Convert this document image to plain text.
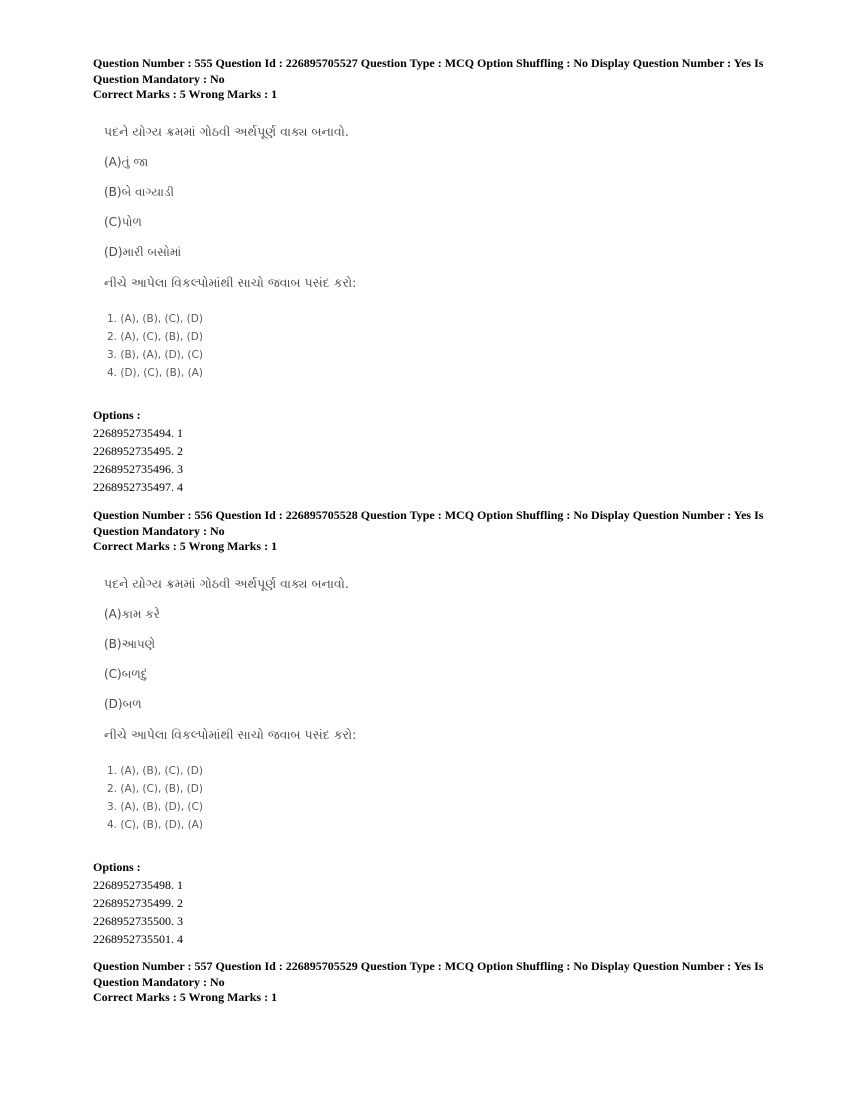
Question Number : 555 Question Id : 226895705527 Question Type : MCQ Option Shuffling : No Display Question Number : Yes Is
Question Mandatory : No
Correct Marks : 5 Wrong Marks : 1

પદને યોગ્ય ક્રમમાં ગોઠવી અર્થપૂર્ણ વાક્ય બનાવો.
(A)તું જા
(B)બે વાગ્યાડી
(C)પોળ
(D)મારી બસોમાં
નીચે આપેલા વિકલ્પોમાંથી સાચો જવાબ પસંદ કરો:
1. (A), (B), (C), (D)
2. (A), (C), (B), (D)
3. (B), (A), (D), (C)
4. (D), (C), (B), (A)
Options :
2268952735494. 1
2268952735495. 2
2268952735496. 3
2268952735497. 4

Question Number : 556 Question Id : 226895705528 Question Type : MCQ Option Shuffling : No Display Question Number : Yes Is
Question Mandatory : No
Correct Marks : 5 Wrong Marks : 1

પદને યોગ્ય ક્રમમાં ગોઠવી અર્થપૂર્ણ વાક્ય બનાવો.
(A)કામ કરે
(B)આપણે
(C)બળદું
(D)બળ
નીચે આપેલા વિકલ્પોમાંથી સાચો જવાબ પસંદ કરો:
1. (A), (B), (C), (D)
2. (A), (C), (B), (D)
3. (A), (B), (D), (C)
4. (C), (B), (D), (A)
Options :
2268952735498. 1
2268952735499. 2
2268952735500. 3
2268952735501. 4

Question Number : 557 Question Id : 226895705529 Question Type : MCQ Option Shuffling : No Display Question Number : Yes Is
Question Mandatory : No
Correct Marks : 5 Wrong Marks : 1
